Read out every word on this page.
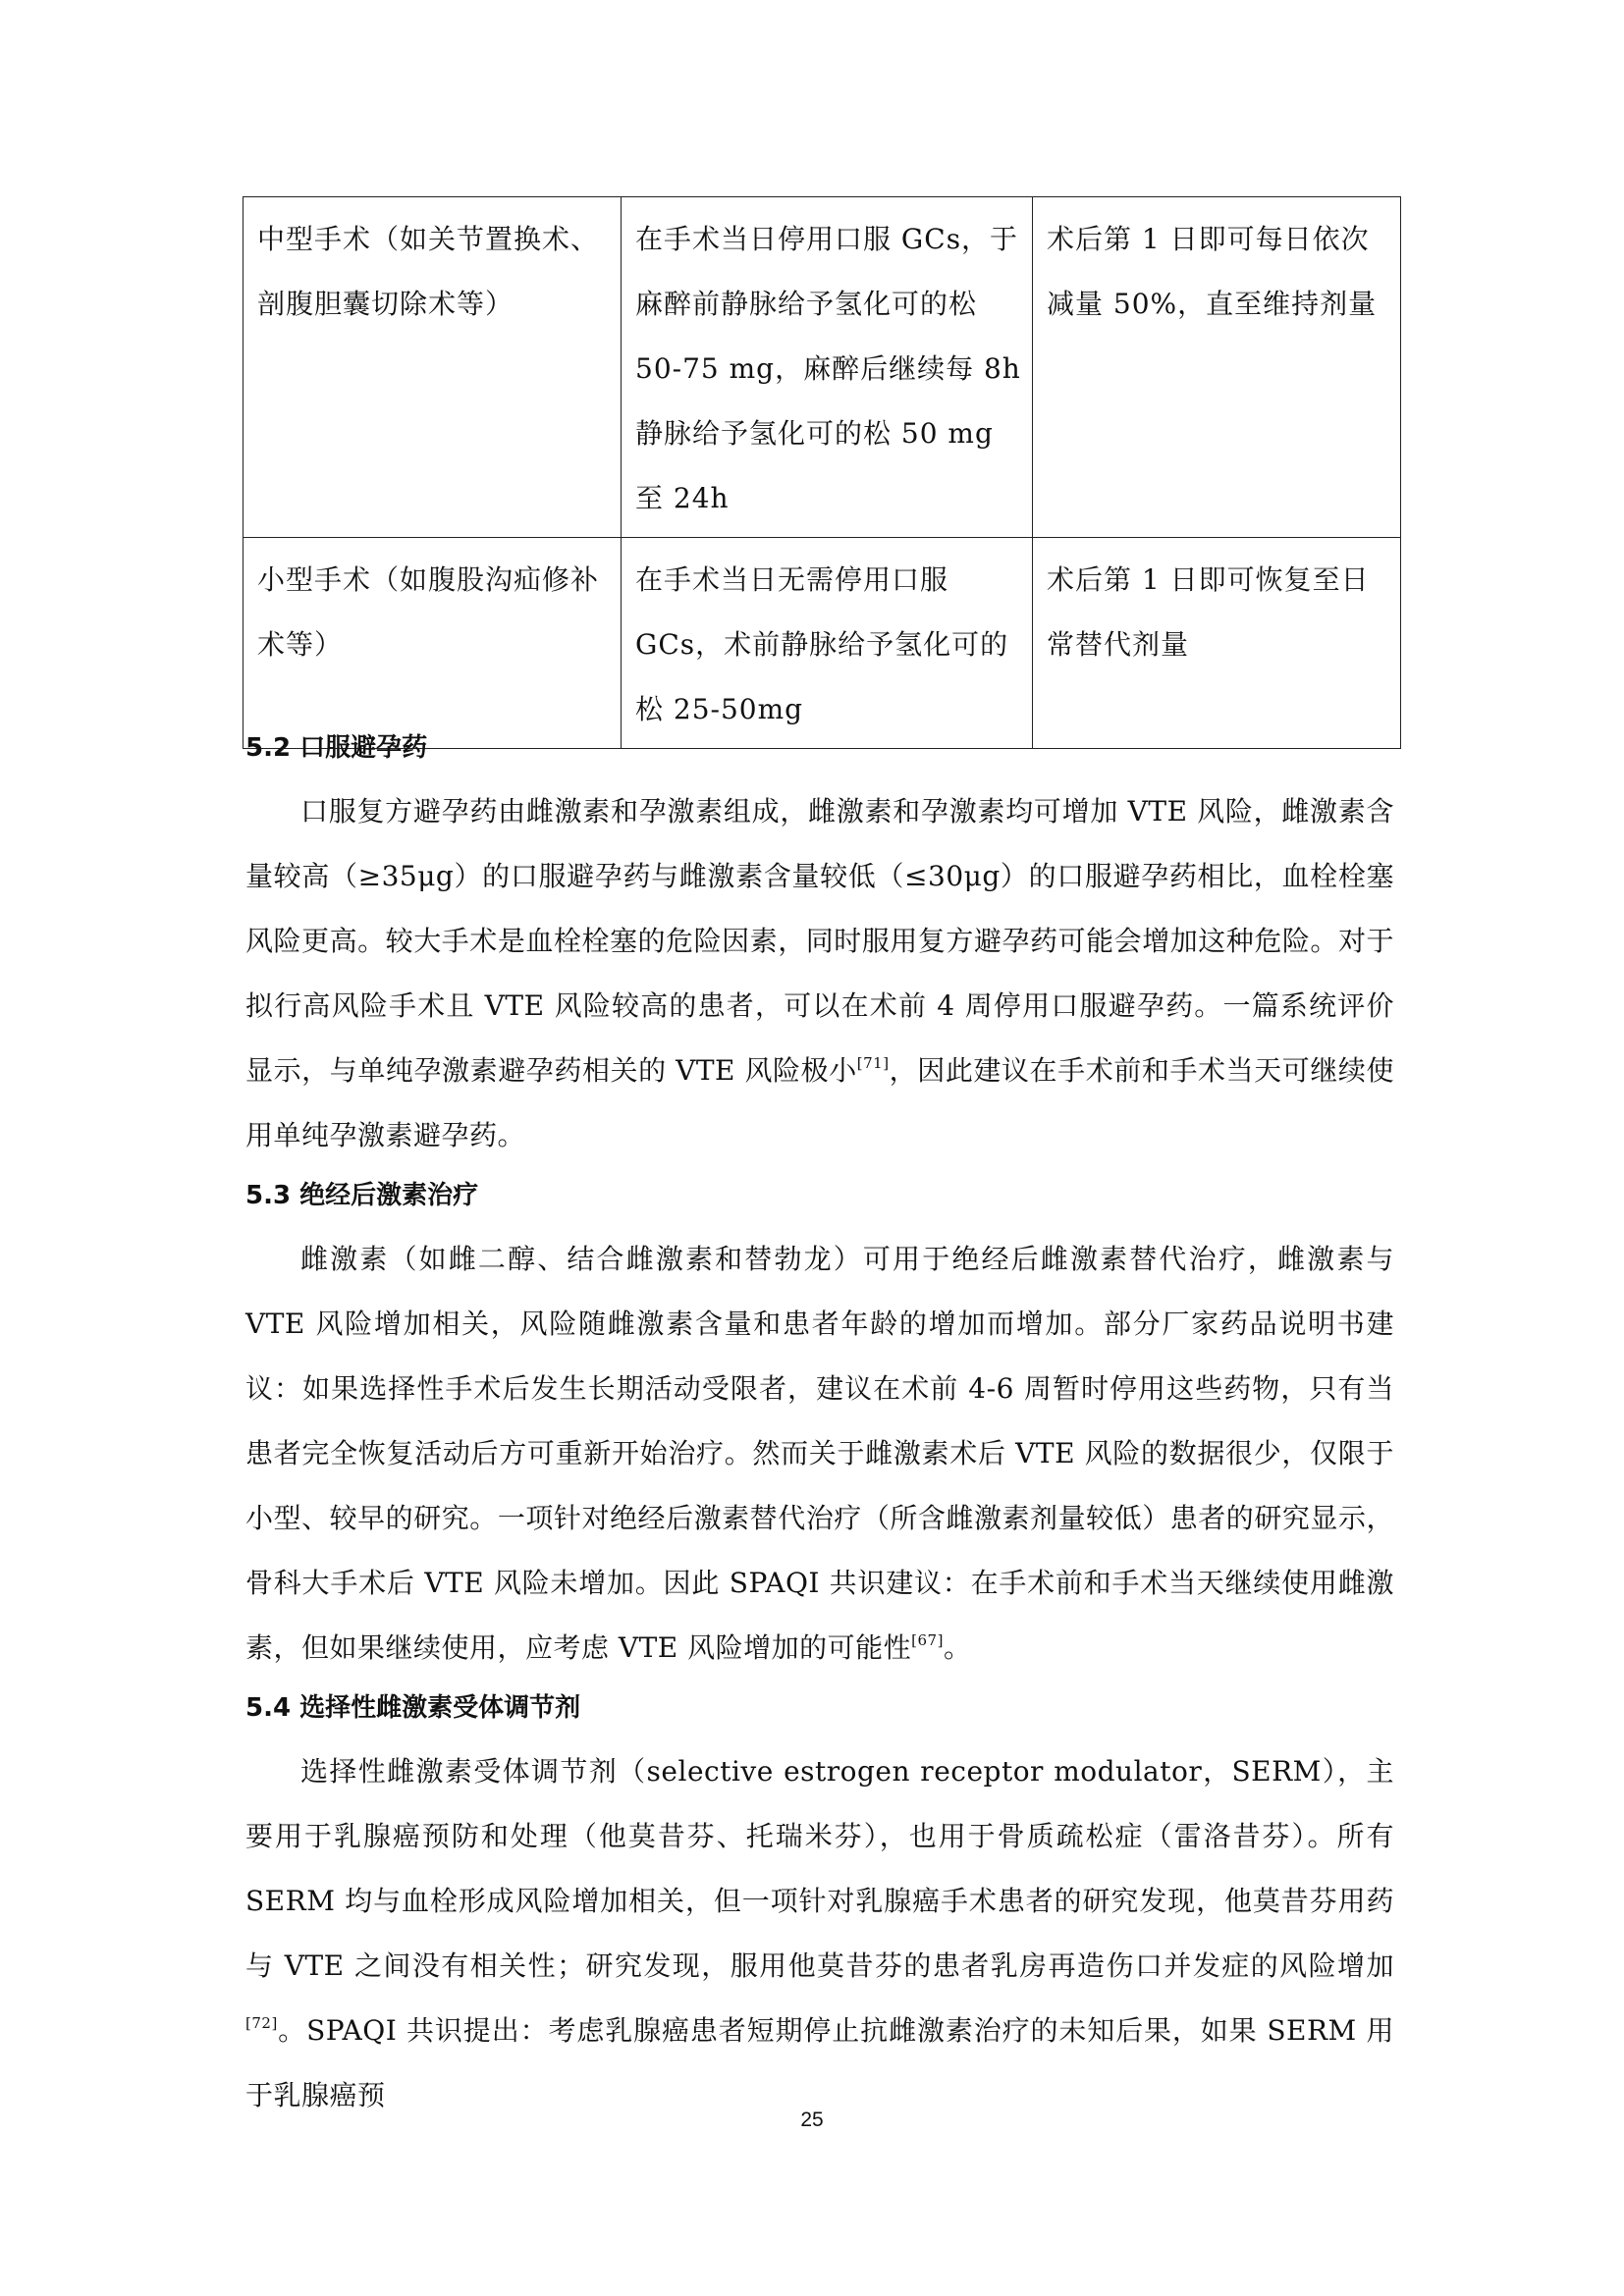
中型手术（如关节置换术、剖腹胆囊切除术等）	在手术当日停用口服 GCs，于麻醉前静脉给予氢化可的松 50-75 mg，麻醉后继续每 8h 静脉给予氢化可的松 50 mg 至 24h	术后第 1 日即可每日依次减量 50%，直至维持剂量
小型手术（如腹股沟疝修补术等）	在手术当日无需停用口服 GCs，术前静脉给予氢化可的松 25-50mg	术后第 1 日即可恢复至日常替代剂量

5.2 口服避孕药

口服复方避孕药由雌激素和孕激素组成，雌激素和孕激素均可增加 VTE 风险，雌激素含量较高（≥35μg）的口服避孕药与雌激素含量较低（≤30μg）的口服避孕药相比，血栓栓塞风险更高。较大手术是血栓栓塞的危险因素，同时服用复方避孕药可能会增加这种危险。对于拟行高风险手术且 VTE 风险较高的患者，可以在术前 4 周停用口服避孕药。一篇系统评价显示，与单纯孕激素避孕药相关的 VTE 风险极小[71]，因此建议在手术前和手术当天可继续使用单纯孕激素避孕药。

5.3 绝经后激素治疗

雌激素（如雌二醇、结合雌激素和替勃龙）可用于绝经后雌激素替代治疗，雌激素与 VTE 风险增加相关，风险随雌激素含量和患者年龄的增加而增加。部分厂家药品说明书建议：如果选择性手术后发生长期活动受限者，建议在术前 4-6 周暂时停用这些药物，只有当患者完全恢复活动后方可重新开始治疗。然而关于雌激素术后 VTE 风险的数据很少，仅限于小型、较早的研究。一项针对绝经后激素替代治疗（所含雌激素剂量较低）患者的研究显示，骨科大手术后 VTE 风险未增加。因此 SPAQI 共识建议：在手术前和手术当天继续使用雌激素，但如果继续使用，应考虑 VTE 风险增加的可能性[67]。

5.4 选择性雌激素受体调节剂

选择性雌激素受体调节剂（selective estrogen receptor modulator，SERM），主要用于乳腺癌预防和处理（他莫昔芬、托瑞米芬），也用于骨质疏松症（雷洛昔芬）。所有 SERM 均与血栓形成风险增加相关，但一项针对乳腺癌手术患者的研究发现，他莫昔芬用药与 VTE 之间没有相关性；研究发现，服用他莫昔芬的患者乳房再造伤口并发症的风险增加[72]。SPAQI 共识提出：考虑乳腺癌患者短期停止抗雌激素治疗的未知后果，如果 SERM 用于乳腺癌预

25
